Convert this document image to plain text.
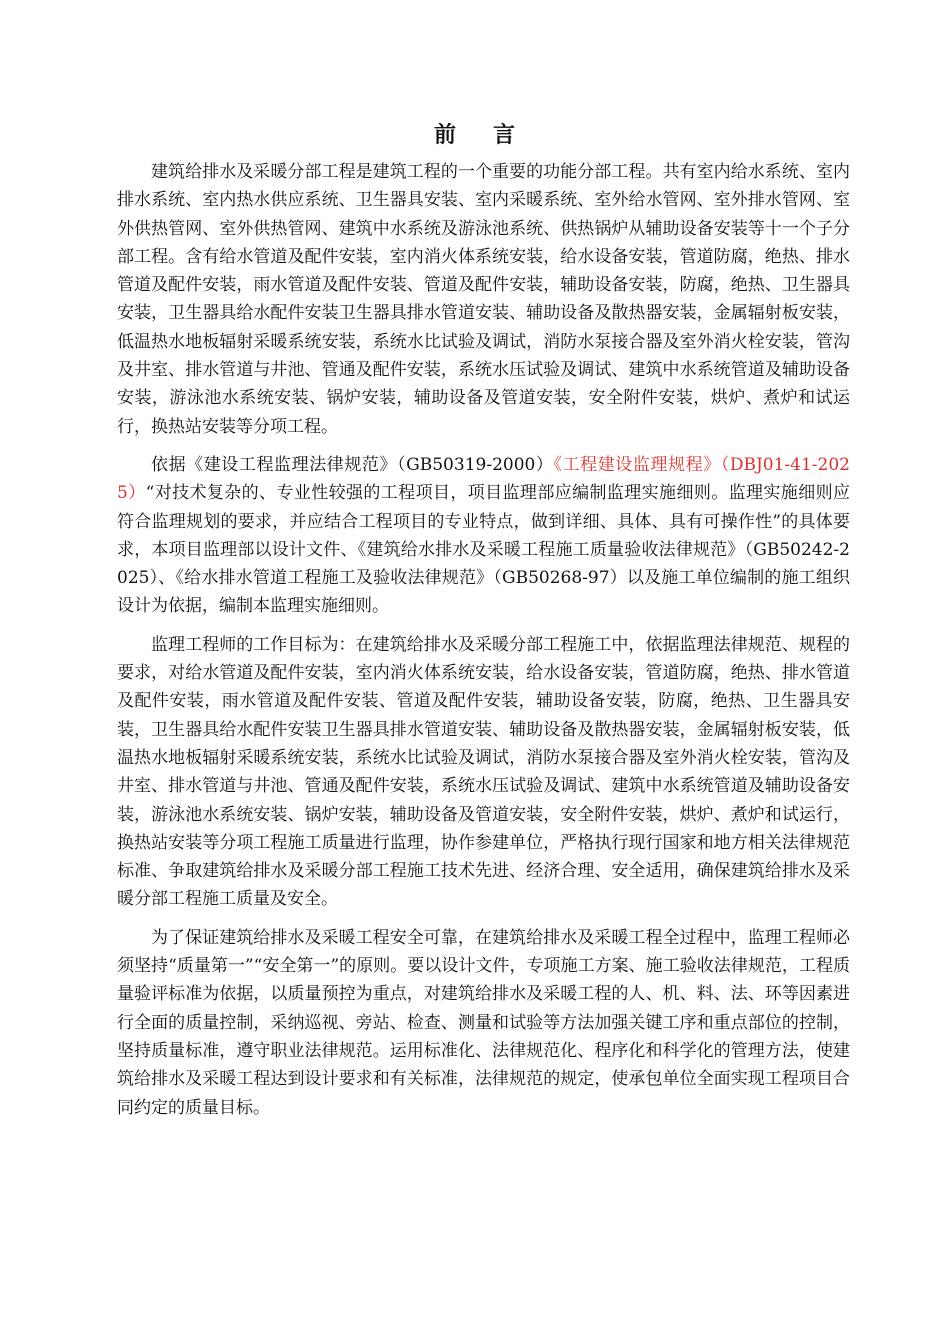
前 言

建筑给排水及采暖分部工程是建筑工程的一个重要的功能分部工程。共有室内给水系统、室内排水系统、室内热水供应系统、卫生器具安装、室内采暖系统、室外给水管网、室外排水管网、室外供热管网、室外供热管网、建筑中水系统及游泳池系统、供热锅炉从辅助设备安装等十一个子分部工程。含有给水管道及配件安装，室内消火体系统安装，给水设备安装，管道防腐，绝热、排水管道及配件安装，雨水管道及配件安装、管道及配件安装，辅助设备安装，防腐，绝热、卫生器具安装，卫生器具给水配件安装卫生器具排水管道安装、辅助设备及散热器安装，金属辐射板安装，低温热水地板辐射采暖系统安装，系统水比试验及调试，消防水泵接合器及室外消火栓安装，管沟及井室、排水管道与井池、管通及配件安装，系统水压试验及调试、建筑中水系统管道及辅助设备安装，游泳池水系统安装、锅炉安装，辅助设备及管道安装，安全附件安装，烘炉、煮炉和试运行，换热站安装等分项工程。

依据《建设工程监理法律规范》（GB50319-2000）《工程建设监理规程》（DBJ01-41-2025）“对技术复杂的、专业性较强的工程项目，项目监理部应编制监理实施细则。监理实施细则应符合监理规划的要求，并应结合工程项目的专业特点，做到详细、具体、具有可操作性”的具体要求，本项目监理部以设计文件、《建筑给水排水及采暖工程施工质量验收法律规范》（GB50242-2025）、《给水排水管道工程施工及验收法律规范》（GB50268-97）以及施工单位编制的施工组织设计为依据，编制本监理实施细则。

监理工程师的工作目标为：在建筑给排水及采暖分部工程施工中，依据监理法律规范、规程的要求，对给水管道及配件安装，室内消火体系统安装，给水设备安装，管道防腐，绝热、排水管道及配件安装，雨水管道及配件安装、管道及配件安装，辅助设备安装，防腐，绝热、卫生器具安装，卫生器具给水配件安装卫生器具排水管道安装、辅助设备及散热器安装，金属辐射板安装，低温热水地板辐射采暖系统安装，系统水比试验及调试，消防水泵接合器及室外消火栓安装，管沟及井室、排水管道与井池、管通及配件安装，系统水压试验及调试、建筑中水系统管道及辅助设备安装，游泳池水系统安装、锅炉安装，辅助设备及管道安装，安全附件安装，烘炉、煮炉和试运行，换热站安装等分项工程施工质量进行监理，协作参建单位，严格执行现行国家和地方相关法律规范标准、争取建筑给排水及采暖分部工程施工技术先进、经济合理、安全适用，确保建筑给排水及采暖分部工程施工质量及安全。

为了保证建筑给排水及采暖工程安全可靠，在建筑给排水及采暖工程全过程中，监理工程师必须坚持“质量第一”“安全第一”的原则。要以设计文件，专项施工方案、施工验收法律规范，工程质量验评标准为依据，以质量预控为重点，对建筑给排水及采暖工程的人、机、料、法、环等因素进行全面的质量控制，采纳巡视、旁站、检查、测量和试验等方法加强关键工序和重点部位的控制，坚持质量标准，遵守职业法律规范。运用标准化、法律规范化、程序化和科学化的管理方法，使建筑给排水及采暖工程达到设计要求和有关标准，法律规范的规定，使承包单位全面实现工程项目合同约定的质量目标。
